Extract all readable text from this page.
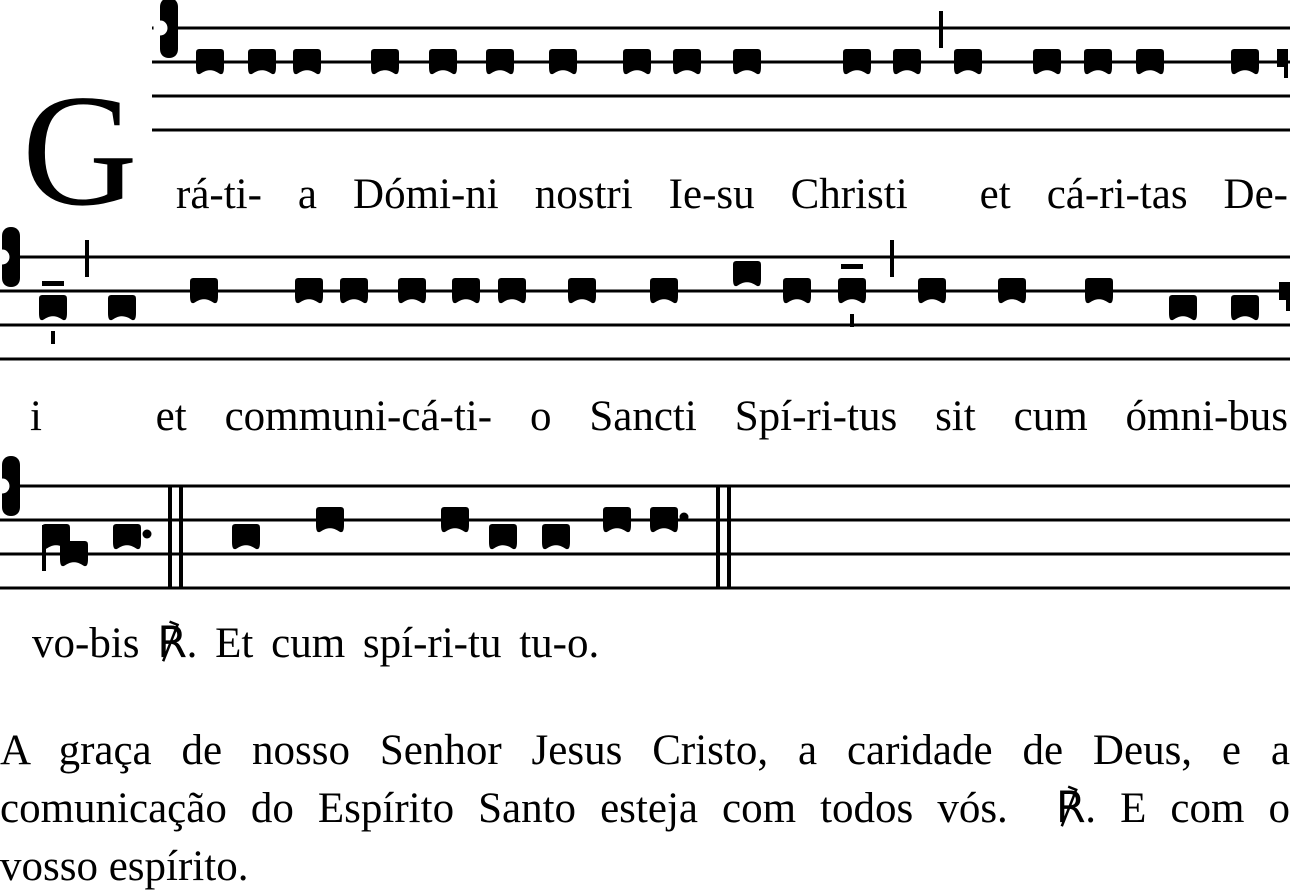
G rá-ti- a Dómi-ni nostri Ie-su Christi  et cá-ri-tas De-
i   et communi-cá-ti- o Sancti Spí-ri-tus sit cum ómni-bus
vo-bis ℟. Et cum spí-ri-tu tu-o.
A graça de nosso Senhor Jesus Cristo, a caridade de Deus, e a
comunicação do Espírito Santo esteja com todos vós.  ℟. E com o
vosso espírito.
